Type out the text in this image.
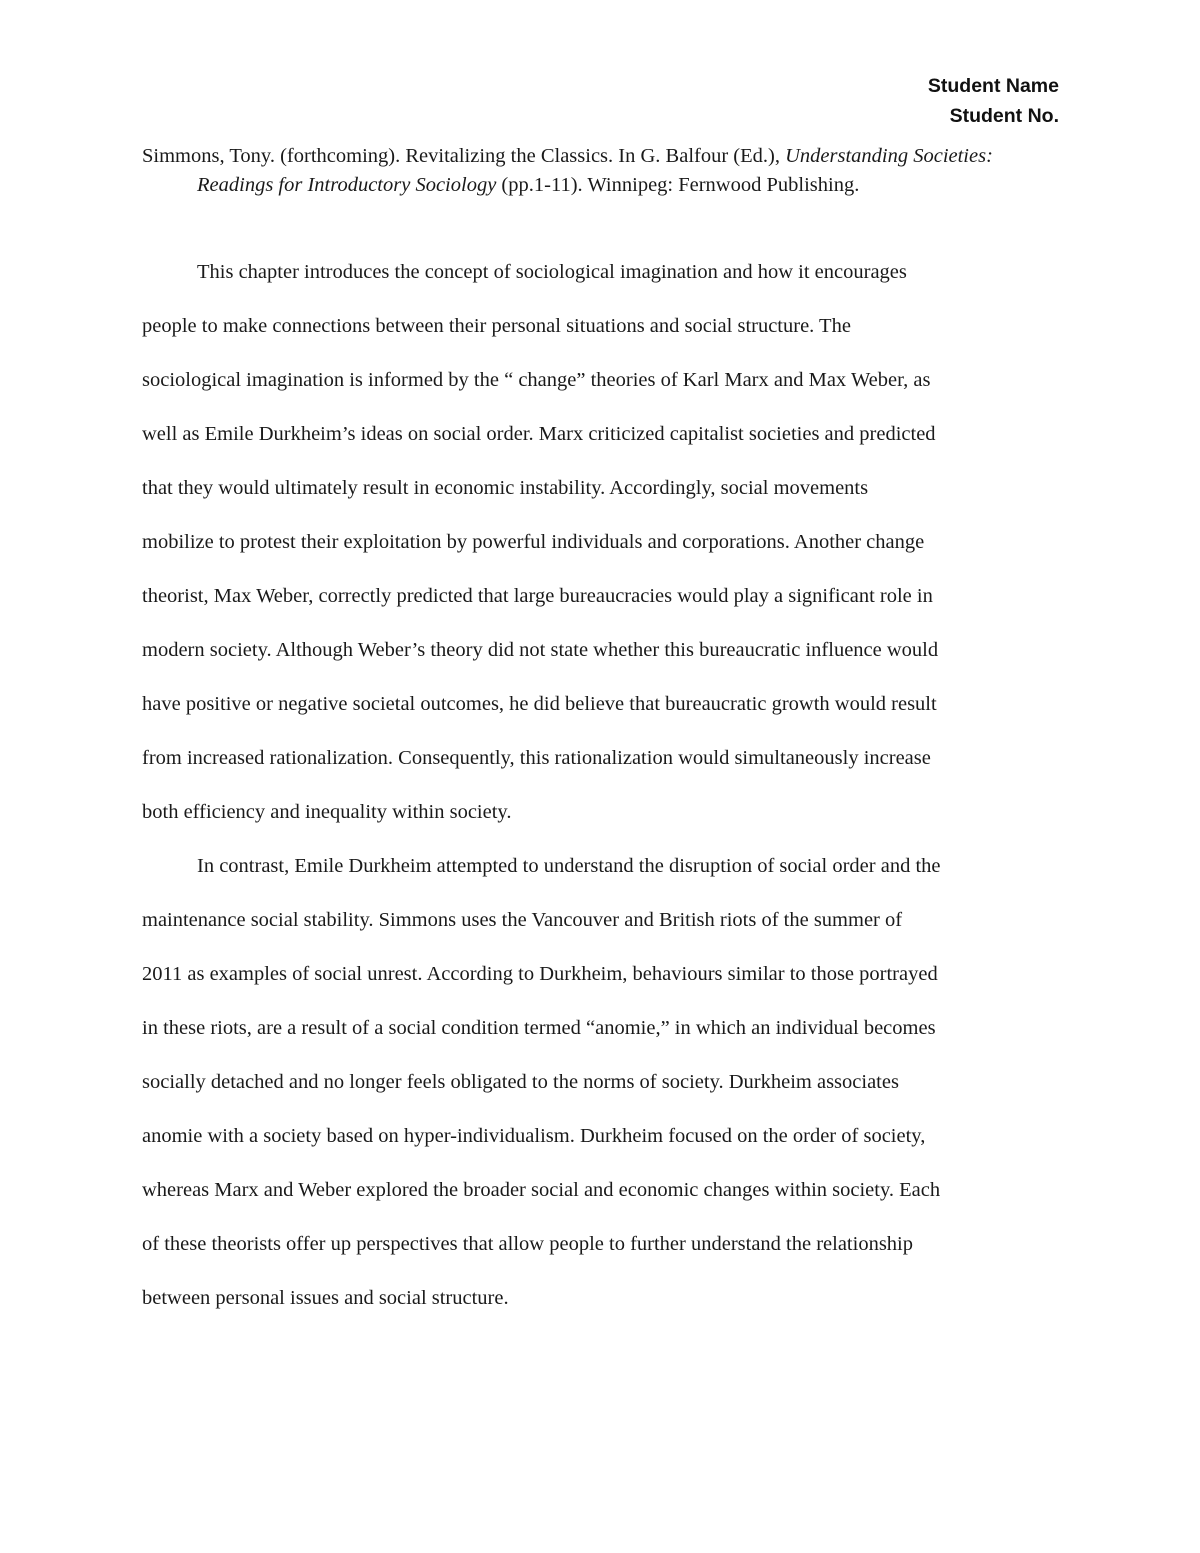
Student Name
Student No.
Simmons, Tony. (forthcoming). Revitalizing the Classics. In G. Balfour (Ed.), Understanding Societies: Readings for Introductory Sociology (pp.1-11). Winnipeg: Fernwood Publishing.

This chapter introduces the concept of sociological imagination and how it encourages
people to make connections between their personal situations and social structure. The
sociological imagination is informed by the “ change” theories of Karl Marx and Max Weber, as
well as Emile Durkheim’s ideas on social order. Marx criticized capitalist societies and predicted
that they would ultimately result in economic instability. Accordingly, social movements
mobilize to protest their exploitation by powerful individuals and corporations. Another change
theorist, Max Weber, correctly predicted that large bureaucracies would play a significant role in
modern society. Although Weber’s theory did not state whether this bureaucratic influence would
have positive or negative societal outcomes, he did believe that bureaucratic growth would result
from increased rationalization. Consequently, this rationalization would simultaneously increase
both efficiency and inequality within society.

In contrast, Emile Durkheim attempted to understand the disruption of social order and the
maintenance social stability. Simmons uses the Vancouver and British riots of the summer of
2011 as examples of social unrest. According to Durkheim, behaviours similar to those portrayed
in these riots, are a result of a social condition termed “anomie,” in which an individual becomes
socially detached and no longer feels obligated to the norms of society. Durkheim associates
anomie with a society based on hyper-individualism. Durkheim focused on the order of society,
whereas Marx and Weber explored the broader social and economic changes within society. Each
of these theorists offer up perspectives that allow people to further understand the relationship
between personal issues and social structure.
